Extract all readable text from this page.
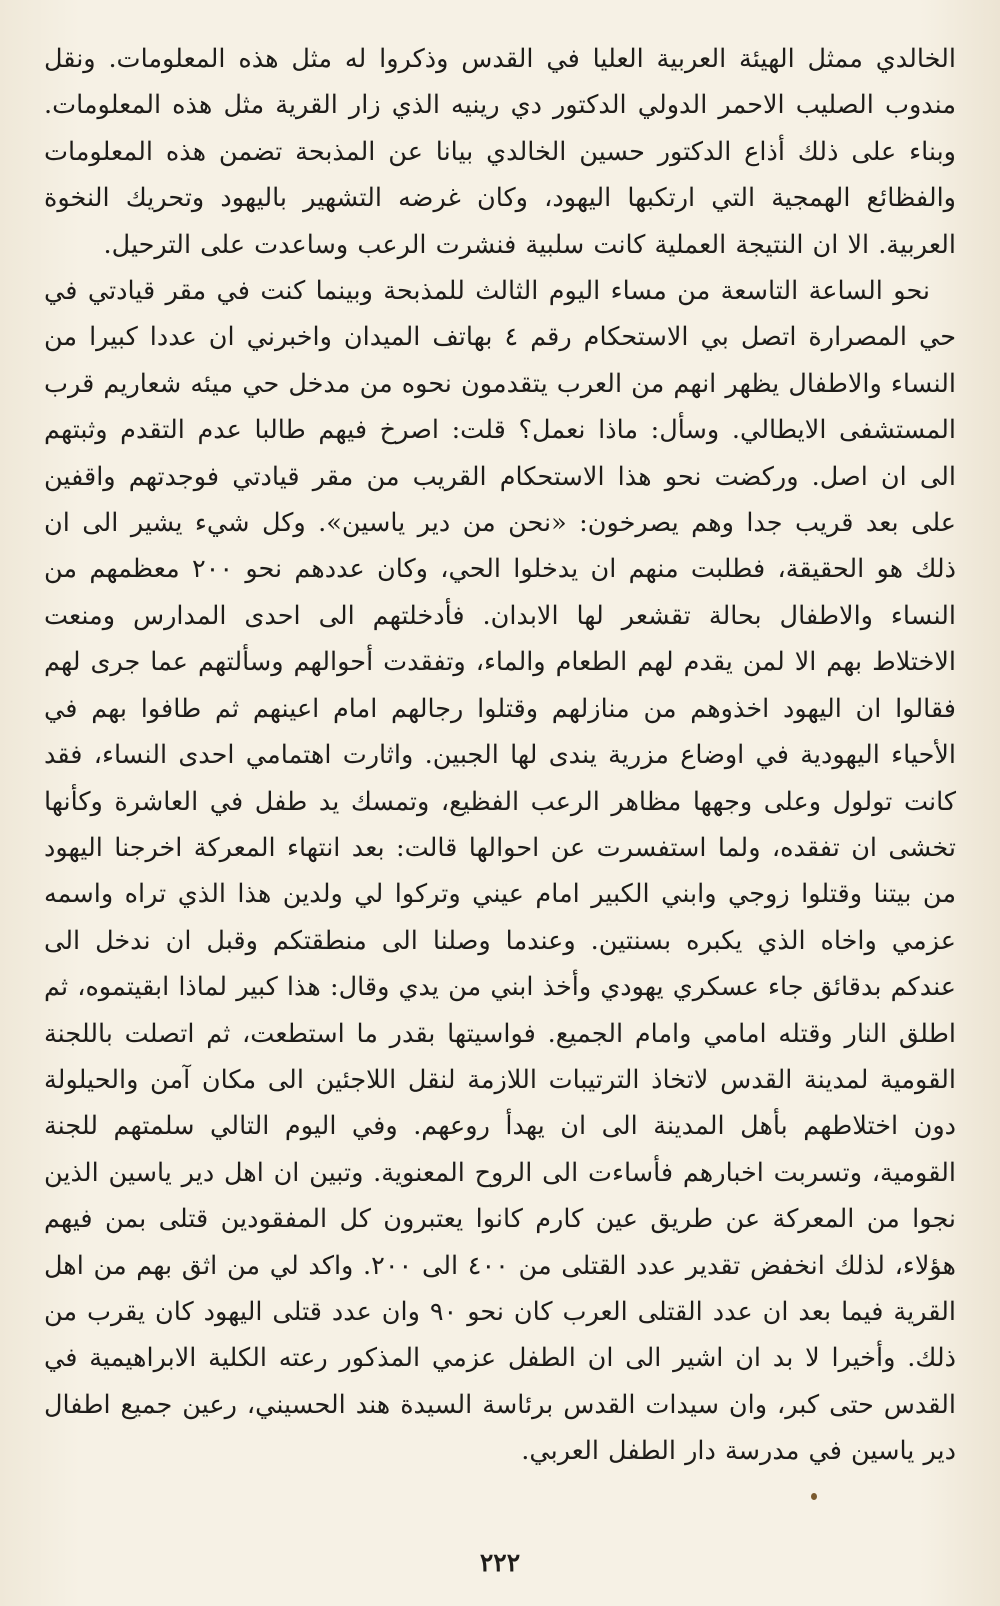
الخالدي ممثل الهيئة العربية العليا في القدس وذكروا له مثل هذه المعلومات. ونقل مندوب الصليب الاحمر الدولي الدكتور دي رينيه الذي زار القرية مثل هذه المعلومات. وبناء على ذلك أذاع الدكتور حسين الخالدي بيانا عن المذبحة تضمن هذه المعلومات والفظائع الهمجية التي ارتكبها اليهود، وكان غرضه التشهير باليهود وتحريك النخوة العربية. الا ان النتيجة العملية كانت سلبية فنشرت الرعب وساعدت على الترحيل.

نحو الساعة التاسعة من مساء اليوم الثالث للمذبحة وبينما كنت في مقر قيادتي في حي المصرارة اتصل بي الاستحكام رقم ٤ بهاتف الميدان واخبرني ان عددا كبيرا من النساء والاطفال يظهر انهم من العرب يتقدمون نحوه من مدخل حي ميئه شعاريم قرب المستشفى الايطالي. وسأل: ماذا نعمل؟ قلت: اصرخ فيهم طالبا عدم التقدم وثبتهم الى ان اصل. وركضت نحو هذا الاستحكام القريب من مقر قيادتي فوجدتهم واقفين على بعد قريب جدا وهم يصرخون: «نحن من دير ياسين». وكل شيء يشير الى ان ذلك هو الحقيقة، فطلبت منهم ان يدخلوا الحي، وكان عددهم نحو ٢٠٠ معظمهم من النساء والاطفال بحالة تقشعر لها الابدان. فأدخلتهم الى احدى المدارس ومنعت الاختلاط بهم الا لمن يقدم لهم الطعام والماء، وتفقدت أحوالهم وسألتهم عما جرى لهم فقالوا ان اليهود اخذوهم من منازلهم وقتلوا رجالهم امام اعينهم ثم طافوا بهم في الأحياء اليهودية في اوضاع مزرية يندى لها الجبين. واثارت اهتمامي احدى النساء، فقد كانت تولول وعلى وجهها مظاهر الرعب الفظيع، وتمسك يد طفل في العاشرة وكأنها تخشى ان تفقده، ولما استفسرت عن احوالها قالت: بعد انتهاء المعركة اخرجنا اليهود من بيتنا وقتلوا زوجي وابني الكبير امام عيني وتركوا لي ولدين هذا الذي تراه واسمه عزمي واخاه الذي يكبره بسنتين. وعندما وصلنا الى منطقتكم وقبل ان ندخل الى عندكم بدقائق جاء عسكري يهودي وأخذ ابني من يدي وقال: هذا كبير لماذا ابقيتموه، ثم اطلق النار وقتله امامي وامام الجميع. فواسيتها بقدر ما استطعت، ثم اتصلت باللجنة القومية لمدينة القدس لاتخاذ الترتيبات اللازمة لنقل اللاجئين الى مكان آمن والحيلولة دون اختلاطهم بأهل المدينة الى ان يهدأ روعهم. وفي اليوم التالي سلمتهم للجنة القومية، وتسربت اخبارهم فأساءت الى الروح المعنوية. وتبين ان اهل دير ياسين الذين نجوا من المعركة عن طريق عين كارم كانوا يعتبرون كل المفقودين قتلى بمن فيهم هؤلاء، لذلك انخفض تقدير عدد القتلى من ٤٠٠ الى ٢٠٠. واكد لي من اثق بهم من اهل القرية فيما بعد ان عدد القتلى العرب كان نحو ٩٠ وان عدد قتلى اليهود كان يقرب من ذلك. وأخيرا لا بد ان اشير الى ان الطفل عزمي المذكور رعته الكلية الابراهيمية في القدس حتى كبر، وان سيدات القدس برئاسة السيدة هند الحسيني، رعين جميع اطفال دير ياسين في مدرسة دار الطفل العربي.

٢٢٢
